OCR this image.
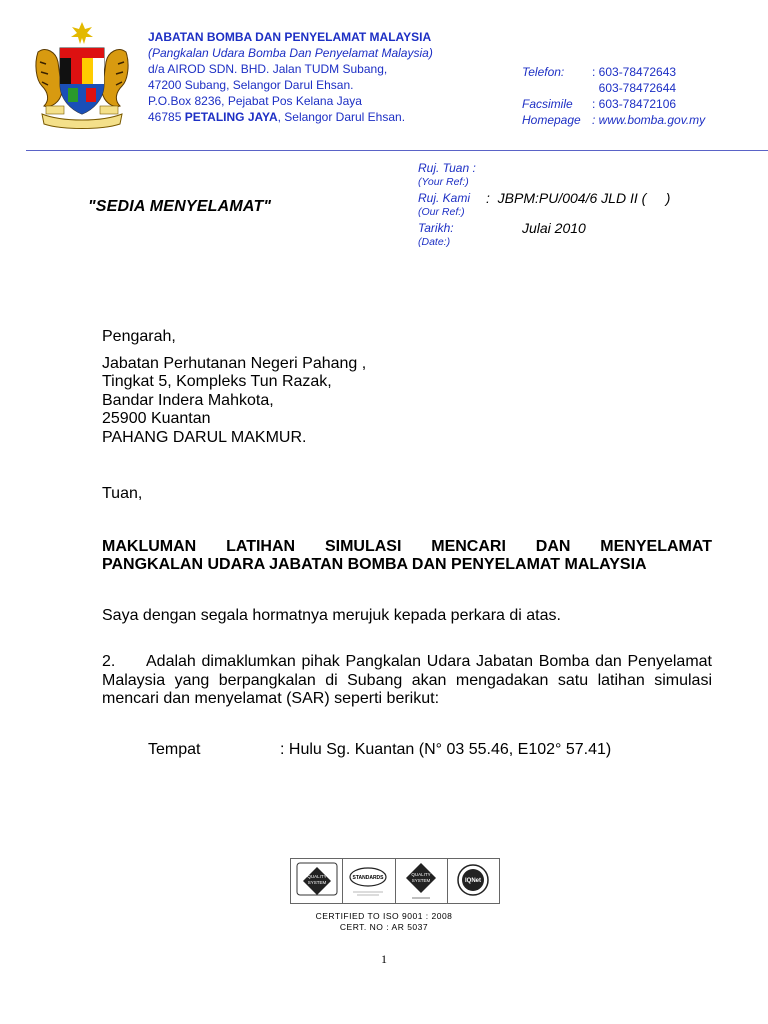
JABATAN BOMBA DAN PENYELAMAT MALAYSIA
(Pangkalan Udara Bomba Dan Penyelamat Malaysia)
d/a AIROD SDN. BHD. Jalan TUDM Subang,
47200 Subang, Selangor Darul Ehsan.
P.O.Box 8236, Pejabat Pos Kelana Jaya
46785 PETALING JAYA, Selangor Darul Ehsan.
Telefon:	: 603-78472643
603-78472644
Facsimile	: 603-78472106
Homepage : www.bomba.gov.my
"SEDIA MENYELAMAT"
Ruj. Tuan :
(Your Ref:)
Ruj. Kami	:  JBPM:PU/004/6 JLD II (     )
(Our Ref:)
Tarikh:	Julai 2010
(Date:)
Pengarah,
Jabatan Perhutanan Negeri Pahang ,
Tingkat 5, Kompleks Tun Razak,
Bandar Indera Mahkota,
25900 Kuantan
PAHANG DARUL MAKMUR.
Tuan,
MAKLUMAN LATIHAN SIMULASI MENCARI DAN MENYELAMAT
PANGKALAN UDARA JABATAN BOMBA DAN PENYELAMAT MALAYSIA
Saya dengan segala hormatnya merujuk kepada perkara di atas.
2. Adalah dimaklumkan pihak Pangkalan Udara Jabatan Bomba dan Penyelamat Malaysia yang berpangkalan di Subang akan mengadakan satu latihan simulasi mencari dan menyelamat (SAR) seperti berikut:
Tempat	: Hulu Sg. Kuantan (N° 03 55.46, E102° 57.41)
QUALITY
SYSTEM
STANDARDS
QUALITY
SYSTEM	IQNet
CERTIFIED TO ISO 9001 : 2008
CERT. NO : AR 5037
1
